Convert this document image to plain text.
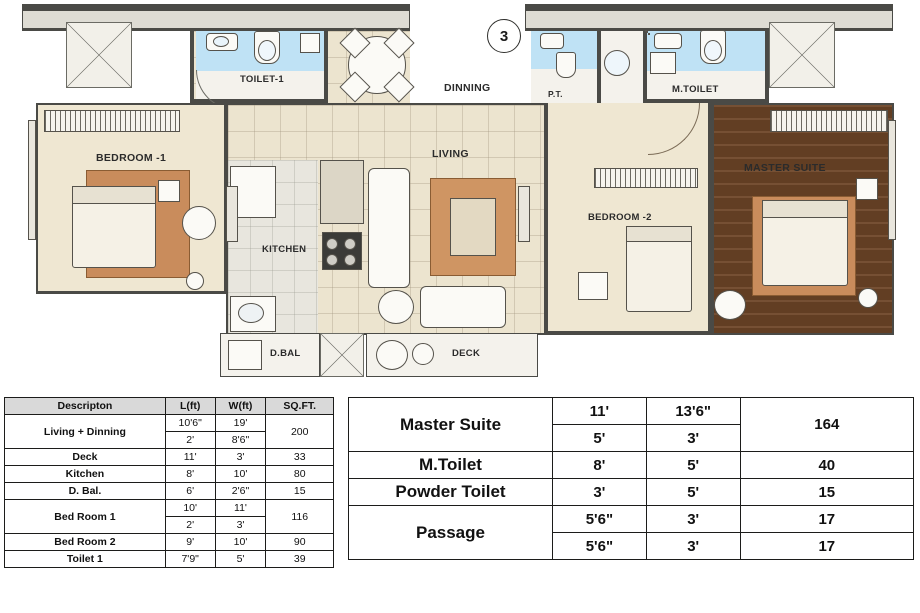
TOILET-1
DINNING
3
P.T.	M.TOILET
BEDROOM -1
KITCHEN
LIVING
D.BAL	DECK
BEDROOM -2
MASTER SUITE
Descripton	L(ft)	W(ft)	SQ.FT.
Living + Dinning	10'6"	19'	200
	2'	8'6"	
Deck	11'	3'	33
Kitchen	8'	10'	80
D. Bal.	6'	2'6"	15
Bed Room 1	10'	11'	116
	2'	3'	
Bed Room 2	9'	10'	90
Toilet 1	7'9"	5'	39
Master Suite	11'	13'6"	164
	5'	3'	
M.Toilet	8'	5'	40
Powder Toilet	3'	5'	15
Passage	5'6"	3'	17
	5'6"	3'	17
